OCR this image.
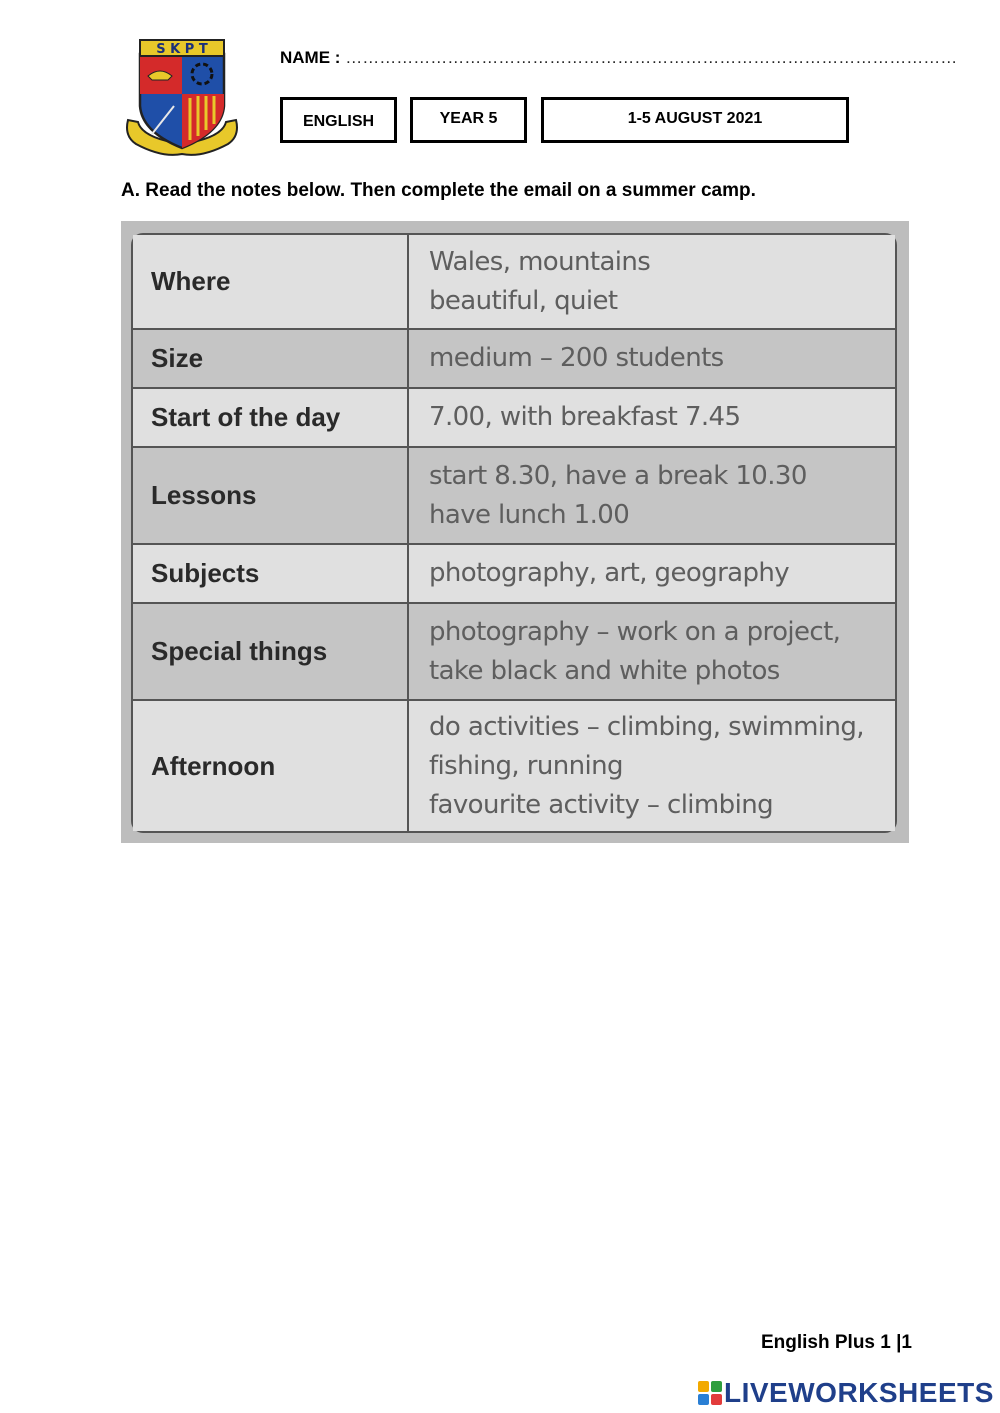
S K P T	NAME : ………………………………………………………………………………………………
ENGLISH	YEAR 5	1-5 AUGUST 2021
A. Read the notes below. Then complete the email on a summer camp.
Where	Wales, mountains
beautiful, quiet

Size	medium – 200 students

Start of the day	7.00, with breakfast 7.45

Lessons	start 8.30, have a break 10.30
have lunch 1.00

Subjects	photography, art, geography

Special things	photography – work on a project,
take black and white photos

Afternoon	do activities – climbing, swimming,
fishing, running
favourite activity – climbing
English Plus 1 |1
LIVEWORKSHEETS
